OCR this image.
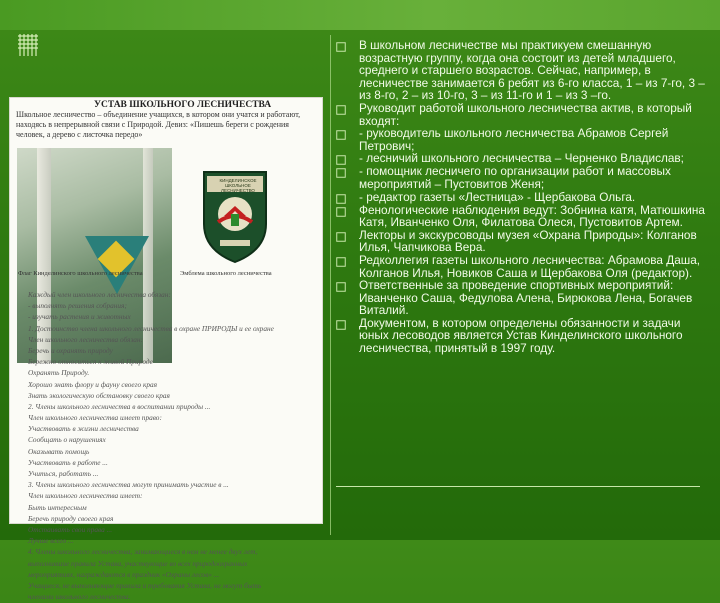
УСТАВ ШКОЛЬНОГО ЛЕСНИЧЕСТВА
Школьное лесничество – объединение учащихся, в котором они учатся и работают, находясь в непрерывной связи с Природой. Девиз: «Пишешь береги с рождения человек, а дерево с листочка передо»
КИНДЕЛИНСКОЕ ШКОЛЬНОЕ ЛЕСНИЧЕСТВО
Флаг Кинделинского школьного лесничества	Эмблема школьного лесничества
Каждый член школьного лесничества обязан:
- выполнять решения собрания;
- изучать растения и животных
1. Достоинство члена школьного лесничества в охране ПРИРОДЫ и ее охране
Член школьного лесничества обязан:
Беречь и охранять природу
Бережно относиться к живой Природе
Охранять Природу.
Хорошо знать флору и фауну своего края
Знать экологическую обстановку своего края
2. Члены школьного лесничества в воспитании природы ...
Член школьного лесничества имеет право:
Участвовать в жизни лесничества
Сообщать о нарушениях
Оказывать помощь
Участвовать в работе ...
Учиться, работать ...
3. Члены школьного лесничества могут принимать участие в ...
Член школьного лесничества имеет:
Быть интересным
Беречь природу своего края
Отстаивать свои права ...
Лучше всего ...
4. Члены школьного лесничества, занимающиеся в нем не менее двух лет,
выполнившие правила Устава, участвующие во всех природоохранных
мероприятиях, награждаются в праздник «Охраны лесов» ...
Учащиеся, не выполняющие правила и требования Устава, не могут быть
членами школьного лесничества.
В школьном лесничестве мы практикуем смешанную возрастную группу, когда она состоит из детей младшего, среднего и старшего возрастов. Сейчас, например, в лесничестве занимается 6 ребят из 6-го класса, 1 – из 7-го, 3 – из 8-го, 2 – из 10-го, 3 – из 11-го и 1 – из 3 –го.
Руководит работой школьного лесничества актив, в который входят:
- руководитель школьного лесничества Абрамов Сергей Петрович;
- лесничий школьного лесничества – Черненко Владислав;
- помощник лесничего по организации работ и массовых мероприятий – Пустовитов Женя;
- редактор газеты «Лестница» - Щербакова Ольга.
Фенологические наблюдения ведут: Зобнина катя, Матюшкина Катя, Иванченко Оля, Филатова Олеся, Пустовитов Артем.
Лекторы и экскурсоводы музея «Охрана Природы»: Колганов Илья, Чапчикова Вера.
Редколлегия газеты школьного лесничества: Абрамова Даша, Колганов Илья, Новиков Саша и Щербакова Оля (редактор).
Ответственные за проведение спортивных мероприятий: Иванченко Саша, Федулова Алена, Бирюкова Лена, Богачев Виталий.
Документом, в котором определены обязанности и задачи юных лесоводов является Устав Кинделинского школьного лесничества, принятый в 1997 году.
